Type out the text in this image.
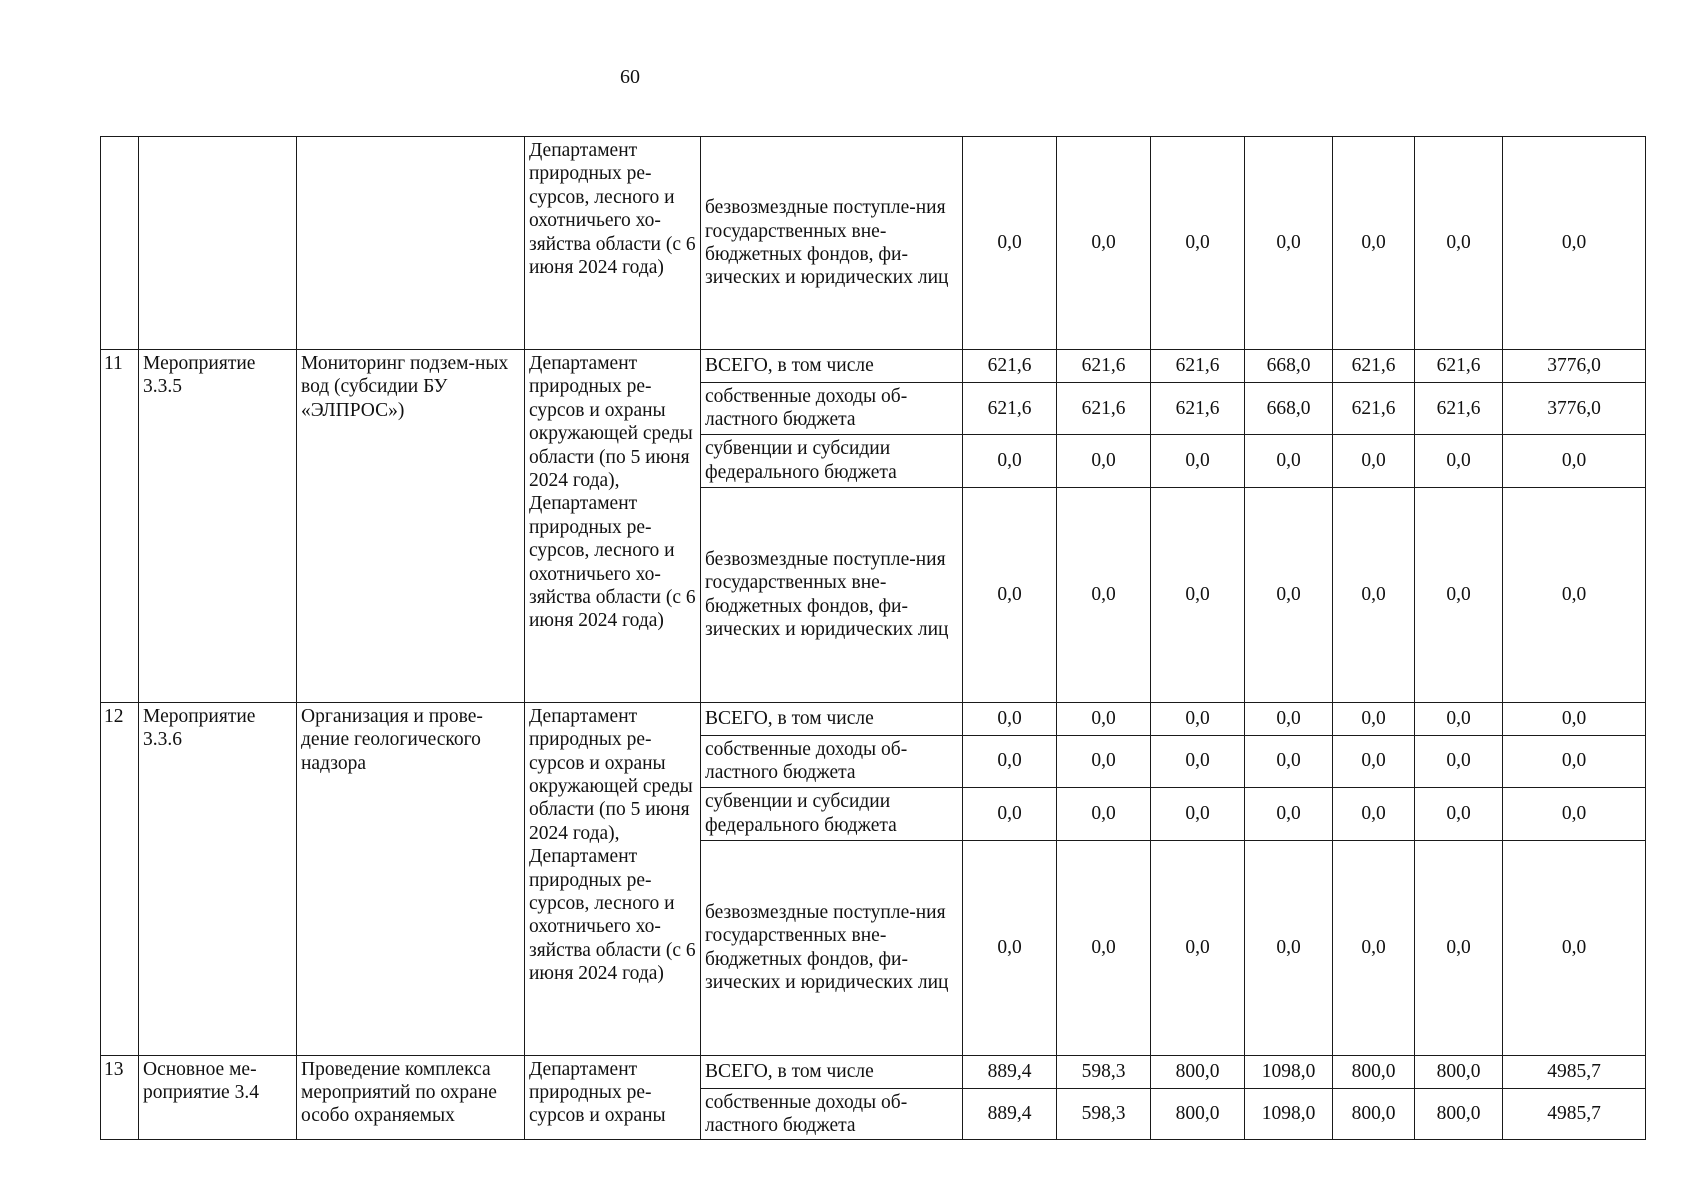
60
			Департамент природных ре-сурсов, лесного и охотничьего хо-зяйства области (с 6 июня 2024 года)	безвозмездные поступле-ния государственных вне-бюджетных фондов, фи-зических и юридических лиц	0,0	0,0	0,0	0,0	0,0	0,0	0,0
11	Мероприятие 3.3.5	Мониторинг подзем-ных вод (субсидии БУ «ЭЛПРОС»)	Департамент природных ре-сурсов и охраны окружающей среды области (по 5 июня 2024 года), Департамент природных ре-сурсов, лесного и охотничьего хо-зяйства области (с 6 июня 2024 года)	ВСЕГО, в том числе	621,6	621,6	621,6	668,0	621,6	621,6	3776,0
				собственные доходы об-ластного бюджета	621,6	621,6	621,6	668,0	621,6	621,6	3776,0
				субвенции и субсидии федерального бюджета	0,0	0,0	0,0	0,0	0,0	0,0	0,0
				безвозмездные поступле-ния государственных вне-бюджетных фондов, фи-зических и юридических лиц	0,0	0,0	0,0	0,0	0,0	0,0	0,0
12	Мероприятие 3.3.6	Организация и прове-дение геологического надзора	Департамент природных ре-сурсов и охраны окружающей среды области (по 5 июня 2024 года), Департамент природных ре-сурсов, лесного и охотничьего хо-зяйства области (с 6 июня 2024 года)	ВСЕГО, в том числе	0,0	0,0	0,0	0,0	0,0	0,0	0,0
				собственные доходы об-ластного бюджета	0,0	0,0	0,0	0,0	0,0	0,0	0,0
				субвенции и субсидии федерального бюджета	0,0	0,0	0,0	0,0	0,0	0,0	0,0
				безвозмездные поступле-ния государственных вне-бюджетных фондов, фи-зических и юридических лиц	0,0	0,0	0,0	0,0	0,0	0,0	0,0
13	Основное ме-роприятие 3.4	Проведение комплекса мероприятий по охране особо охраняемых	Департамент природных ре-сурсов и охраны	ВСЕГО, в том числе	889,4	598,3	800,0	1098,0	800,0	800,0	4985,7
				собственные доходы об-ластного бюджета	889,4	598,3	800,0	1098,0	800,0	800,0	4985,7
